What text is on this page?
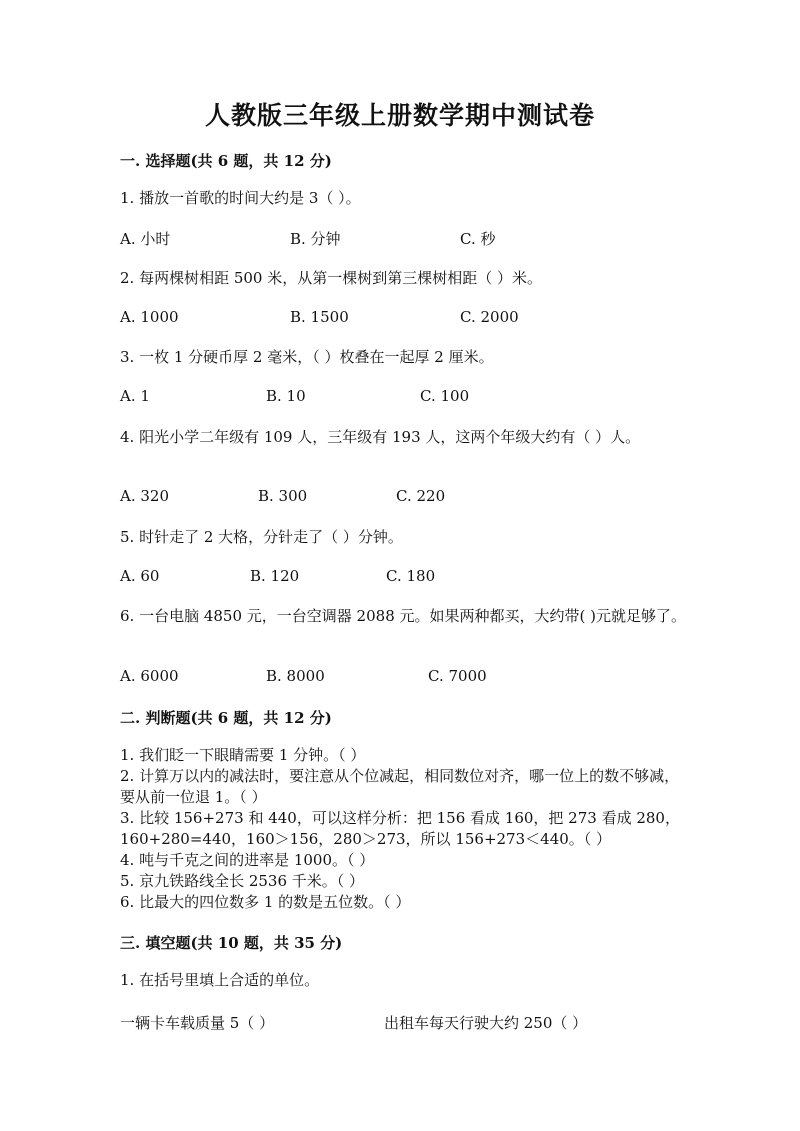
人教版三年级上册数学期中测试卷
一. 选择题(共 6 题，共 12 分)
1. 播放一首歌的时间大约是 3（ ）。
A. 小时	B. 分钟	C. 秒
2. 每两棵树相距 500 米，从第一棵树到第三棵树相距（ ）米。
A. 1000	B. 1500	C. 2000
3. 一枚 1 分硬币厚 2 毫米，（ ）枚叠在一起厚 2 厘米。
A. 1	B. 10	C. 100
4. 阳光小学二年级有 109 人，三年级有 193 人，这两个年级大约有（ ）人。
A. 320	B. 300	C. 220
5. 时针走了 2 大格，分针走了（ ）分钟。
A. 60	B. 120	C. 180
6. 一台电脑 4850 元，一台空调器 2088 元。如果两种都买，大约带( )元就足够了。
A. 6000	B. 8000	C. 7000
二. 判断题(共 6 题，共 12 分)
1. 我们眨一下眼睛需要 1 分钟。（ ）
2. 计算万以内的减法时，要注意从个位减起，相同数位对齐，哪一位上的数不够减，要从前一位退 1。（ ）
3. 比较 156+273 和 440，可以这样分析：把 156 看成 160，把 273 看成 280，160+280=440，160＞156，280＞273，所以 156+273＜440。（ ）
4. 吨与千克之间的进率是 1000。（ ）
5. 京九铁路线全长 2536 千米。（ ）
6. 比最大的四位数多 1 的数是五位数。（ ）
三. 填空题(共 10 题，共 35 分)
1. 在括号里填上合适的单位。
一辆卡车载质量 5（ ）	出租车每天行驶大约 250（ ）
